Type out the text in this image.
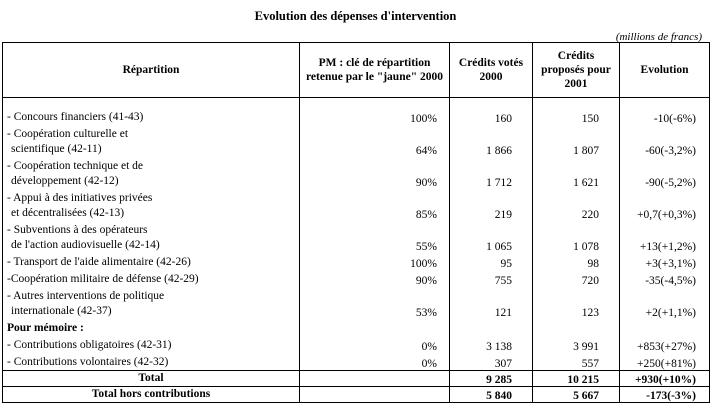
Evolution des dépenses d'intervention
(millions de francs)
Répartition	PM : clé de répartition retenue par le "jaune" 2000	Crédits votés 2000	Crédits proposés pour 2001	Evolution

- Concours financiers (41-43)	100%	160	150	-10(-6%)
- Coopération culturelle et
scientifique (42-11)	64%	1 866	1 807	-60(-3,2%)
- Coopération technique et de
développement (42-12)	90%	1 712	1 621	-90(-5,2%)
- Appui à des initiatives privées
et décentralisées (42-13)	85%	219	220	+0,7(+0,3%)
- Subventions à des opérateurs
de l'action audiovisuelle (42-14)	55%	1 065	1 078	+13(+1,2%)
- Transport de l'aide alimentaire (42-26)	100%	95	98	+3(+3,1%)
-Coopération militaire de défense (42-29)	90%	755	720	-35(-4,5%)
- Autres interventions de politique
internationale (42-37)	53%	121	123	+2(+1,1%)
Pour mémoire :				
- Contributions obligatoires (42-31)	0%	3 138	3 991	+853(+27%)
- Contributions volontaires (42-32)	0%	307	557	+250(+81%)
Total		9 285	10 215	+930(+10%)
Total hors contributions		5 840	5 667	-173(-3%)
